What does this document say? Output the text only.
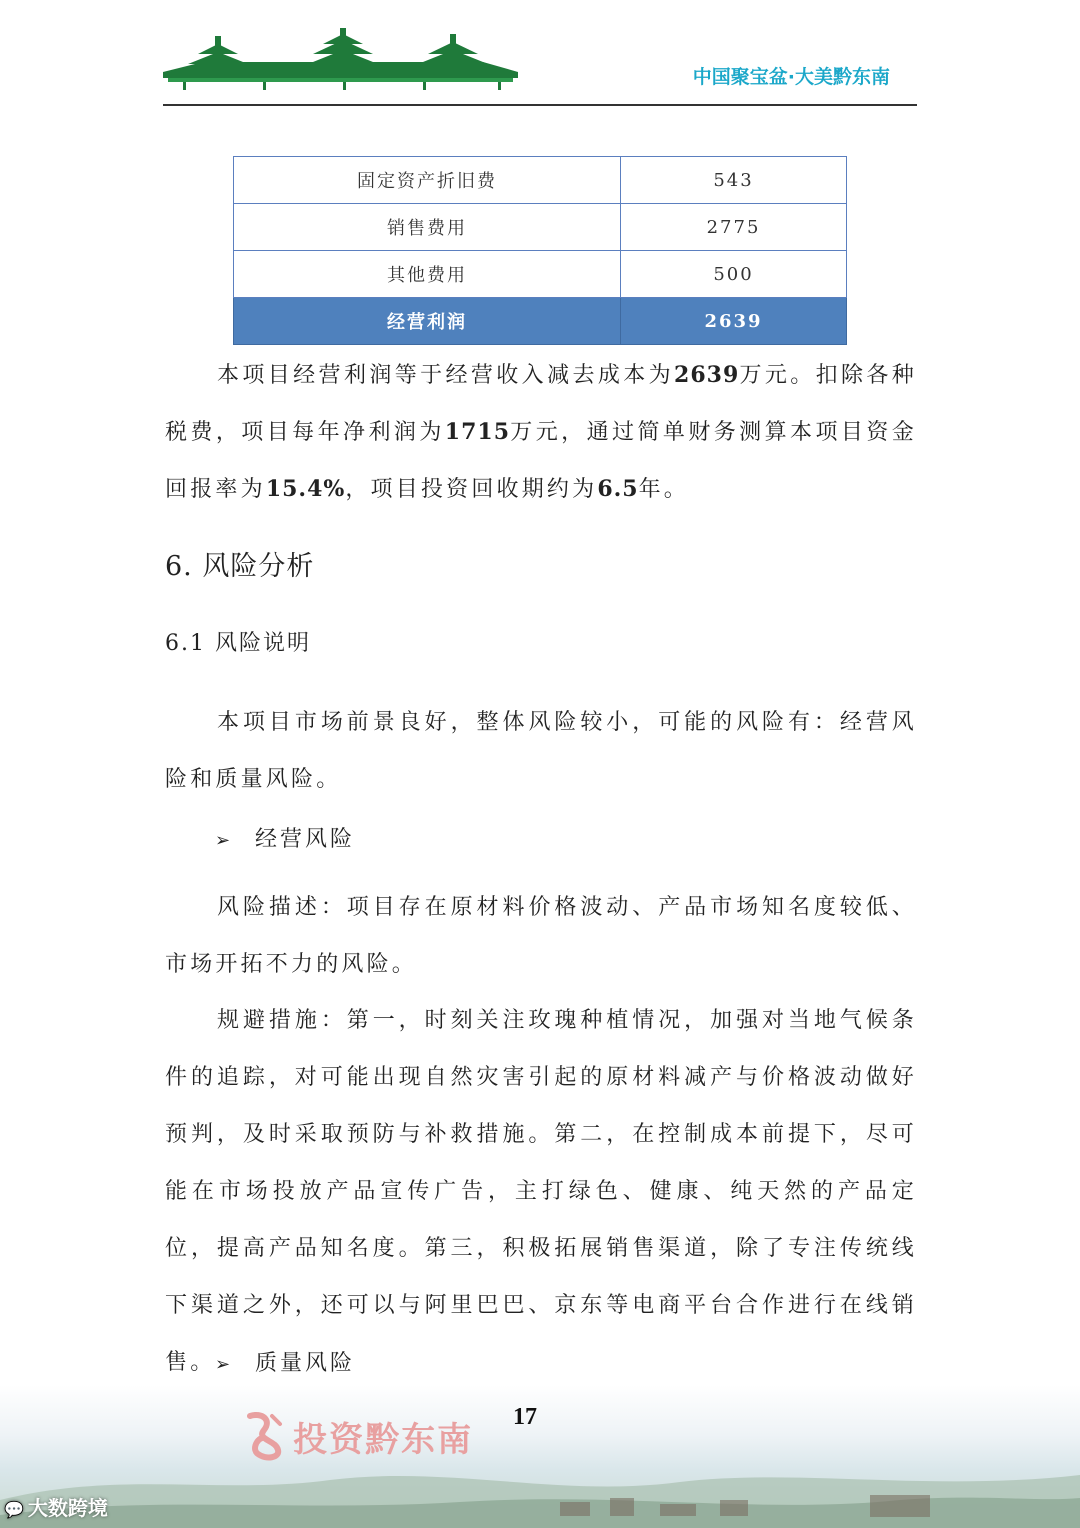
中国聚宝盆·大美黔东南
固定资产折旧费	543
销售费用	2775
其他费用	500
经营利润	2639

本项目经营利润等于经营收入减去成本为2639万元。扣除各种税费，项目每年净利润为1715万元，通过简单财务测算本项目资金回报率为15.4%，项目投资回收期约为6.5年。

6. 风险分析
6.1 风险说明

本项目市场前景良好，整体风险较小，可能的风险有：经营风险和质量风险。

➢ 经营风险

风险描述：项目存在原材料价格波动、产品市场知名度较低、市场开拓不力的风险。

规避措施：第一，时刻关注玫瑰种植情况，加强对当地气候条件的追踪，对可能出现自然灾害引起的原材料减产与价格波动做好预判，及时采取预防与补救措施。第二，在控制成本前提下，尽可能在市场投放产品宣传广告，主打绿色、健康、纯天然的产品定位，提高产品知名度。第三，积极拓展销售渠道，除了专注传统线下渠道之外，还可以与阿里巴巴、京东等电商平台合作进行在线销售。 ➢ 质量风险
投资黔东南
17
💬 大数跨境
